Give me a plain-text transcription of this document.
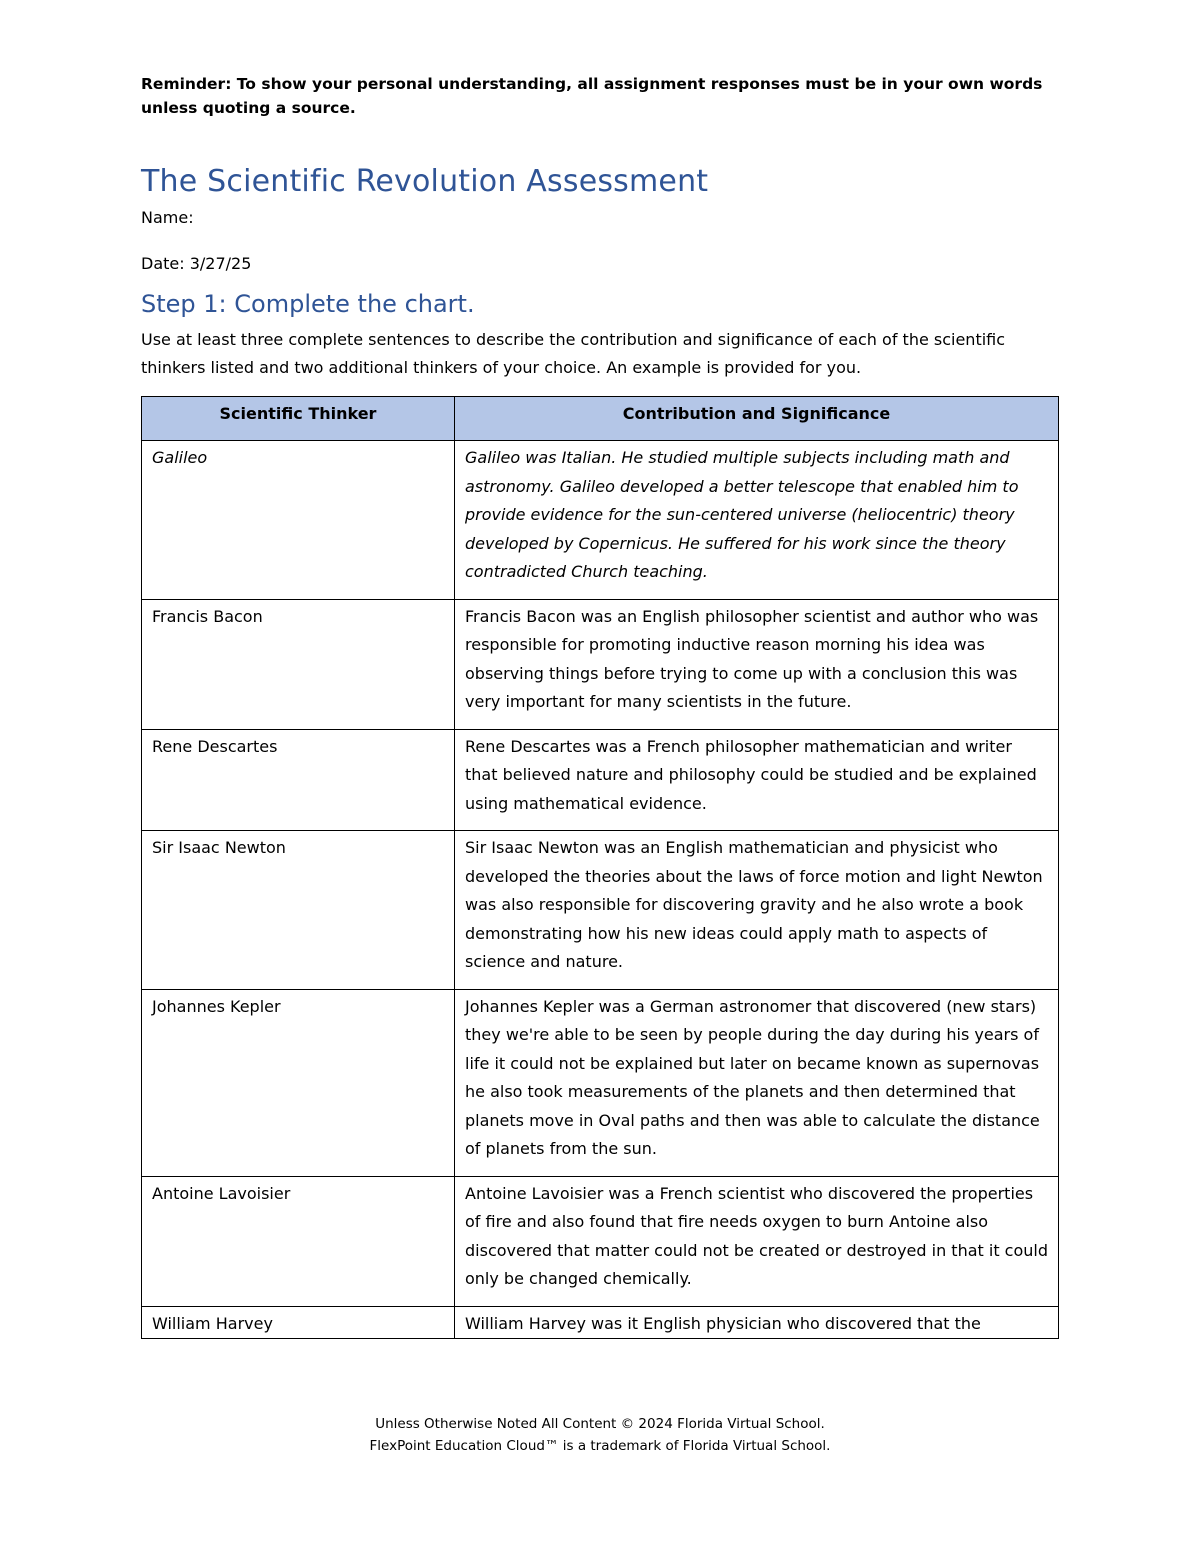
Reminder: To show your personal understanding, all assignment responses must be in your own words unless quoting a source.

The Scientific Revolution Assessment
Name:
Date: 3/27/25
Step 1: Complete the chart.

Use at least three complete sentences to describe the contribution and significance of each of the scientific thinkers listed and two additional thinkers of your choice. An example is provided for you.

Scientific Thinker	Contribution and Significance
Galileo	Galileo was Italian. He studied multiple subjects including math and astronomy. Galileo developed a better telescope that enabled him to provide evidence for the sun-centered universe (heliocentric) theory developed by Copernicus. He suffered for his work since the theory contradicted Church teaching.
Francis Bacon	Francis Bacon was an English philosopher scientist and author who was responsible for promoting inductive reason morning his idea was observing things before trying to come up with a conclusion this was very important for many scientists in the future.
Rene Descartes	Rene Descartes was a French philosopher mathematician and writer that believed nature and philosophy could be studied and be explained using mathematical evidence.
Sir Isaac Newton	Sir Isaac Newton was an English mathematician and physicist who developed the theories about the laws of force motion and light Newton was also responsible for discovering gravity and he also wrote a book demonstrating how his new ideas could apply math to aspects of science and nature.
Johannes Kepler	Johannes Kepler was a German astronomer that discovered (new stars) they we're able to be seen by people during the day during his years of life it could not be explained but later on became known as supernovas he also took measurements of the planets and then determined that planets move in Oval paths and then was able to calculate the distance of planets from the sun.
Antoine Lavoisier	Antoine Lavoisier was a French scientist who discovered the properties of fire and also found that fire needs oxygen to burn Antoine also discovered that matter could not be created or destroyed in that it could only be changed chemically.
William Harvey	William Harvey was it English physician who discovered that the
Unless Otherwise Noted All Content © 2024 Florida Virtual School.
FlexPoint Education Cloud™ is a trademark of Florida Virtual School.
